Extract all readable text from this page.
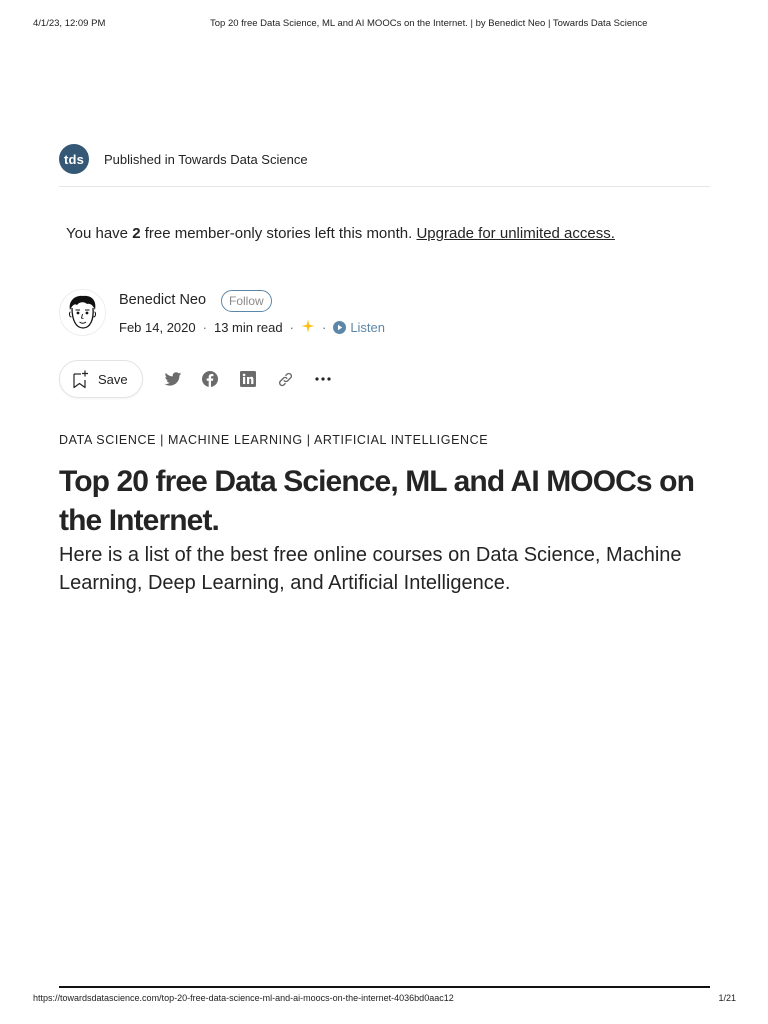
4/1/23, 12:09 PM	Top 20 free Data Science, ML and AI MOOCs on the Internet. | by Benedict Neo | Towards Data Science
tds Published in Towards Data Science
You have 2 free member-only stories left this month. Upgrade for unlimited access.
Benedict Neo	Follow
Feb 14, 2020 · 13 min read · · Listen
Save
DATA SCIENCE | MACHINE LEARNING | ARTIFICIAL INTELLIGENCE
Top 20 free Data Science, ML and AI MOOCs on the Internet.

Here is a list of the best free online courses on Data Science, Machine Learning, Deep Learning, and Artificial Intelligence.

https://towardsdatascience.com/top-20-free-data-science-ml-and-ai-moocs-on-the-internet-4036bd0aac12	1/21
